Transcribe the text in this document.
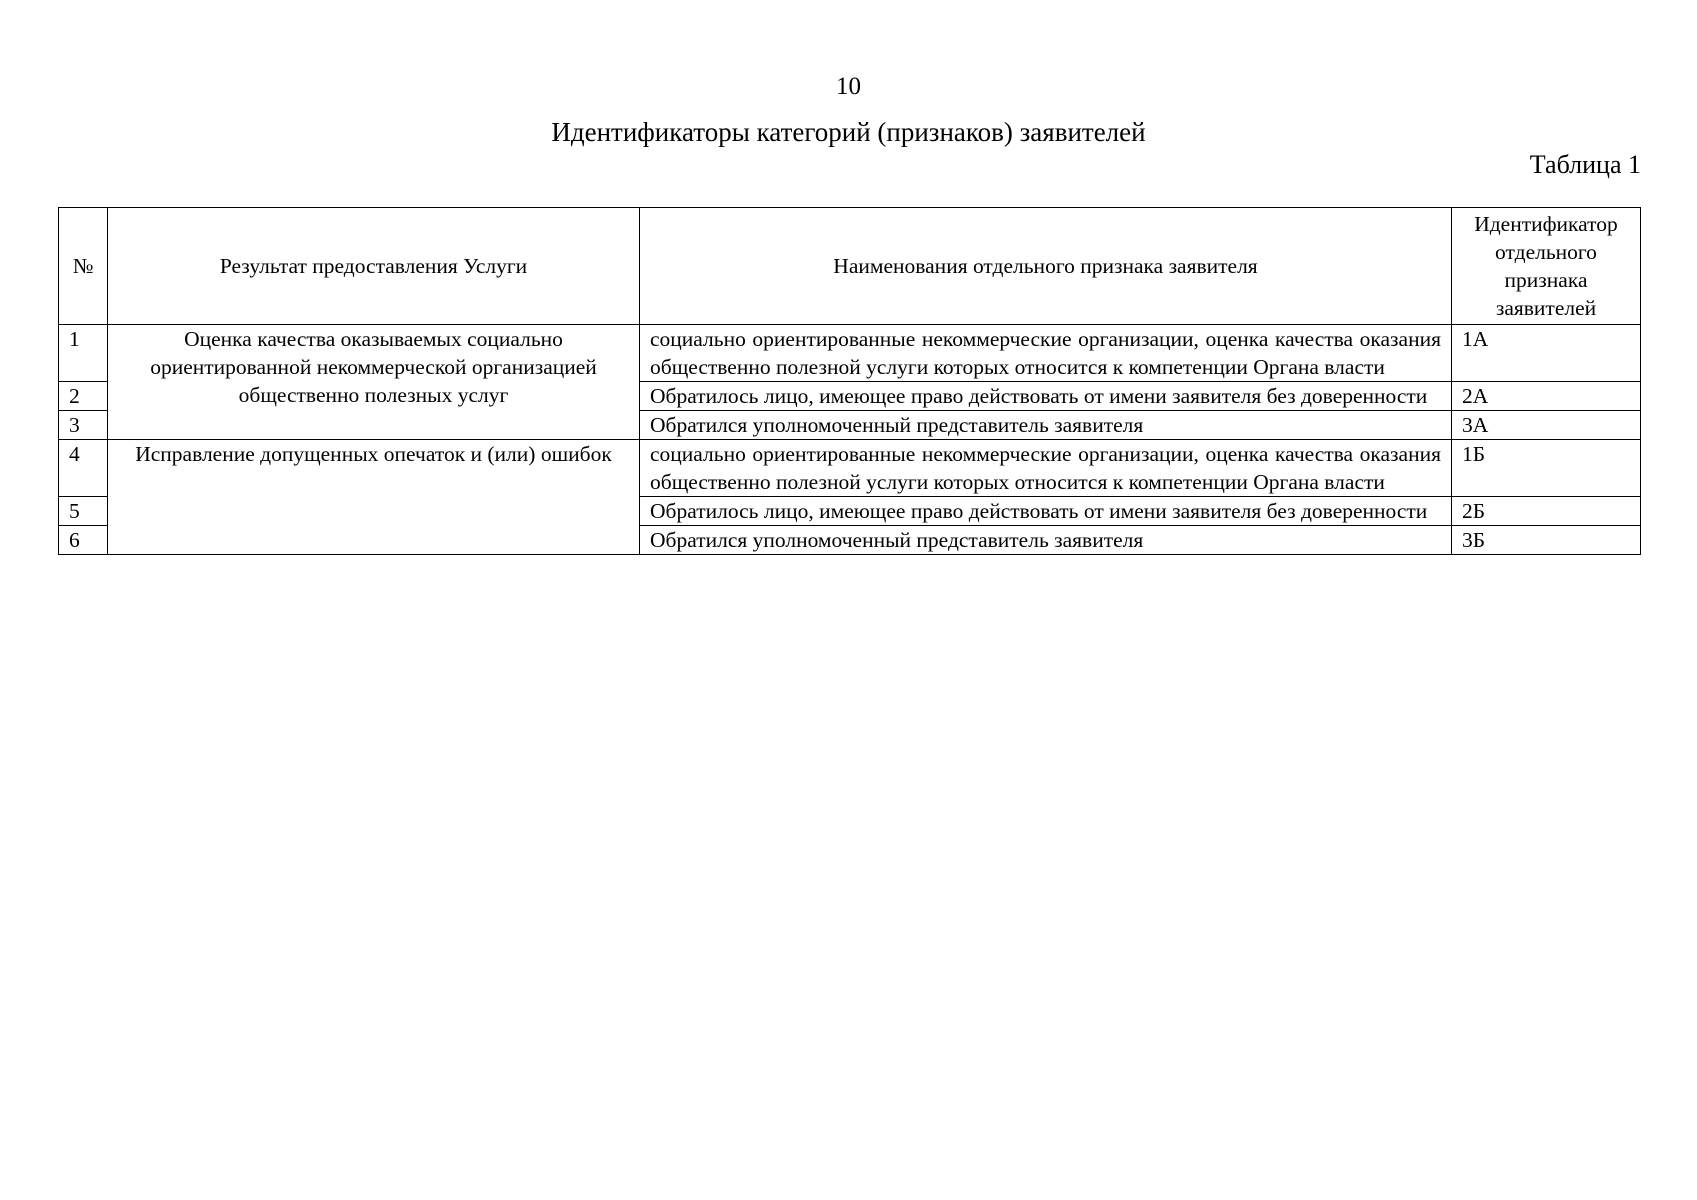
10
Идентификаторы категорий (признаков) заявителей
Таблица 1
№	Результат предоставления Услуги	Наименования отдельного признака заявителя	Идентификатор отдельного признака заявителей
1	Оценка качества оказываемых социально ориентированной некоммерческой организацией общественно полезных услуг	социально ориентированные некоммерческие организации, оценка качества оказания общественно полезной услуги которых относится к компетенции Органа власти	1А
2		Обратилось лицо, имеющее право действовать от имени заявителя без доверенности	2А
3		Обратился уполномоченный представитель заявителя	3А
4	Исправление допущенных опечаток и (или) ошибок	социально ориентированные некоммерческие организации, оценка качества оказания общественно полезной услуги которых относится к компетенции Органа власти	1Б
5		Обратилось лицо, имеющее право действовать от имени заявителя без доверенности	2Б
6		Обратился уполномоченный представитель заявителя	3Б
